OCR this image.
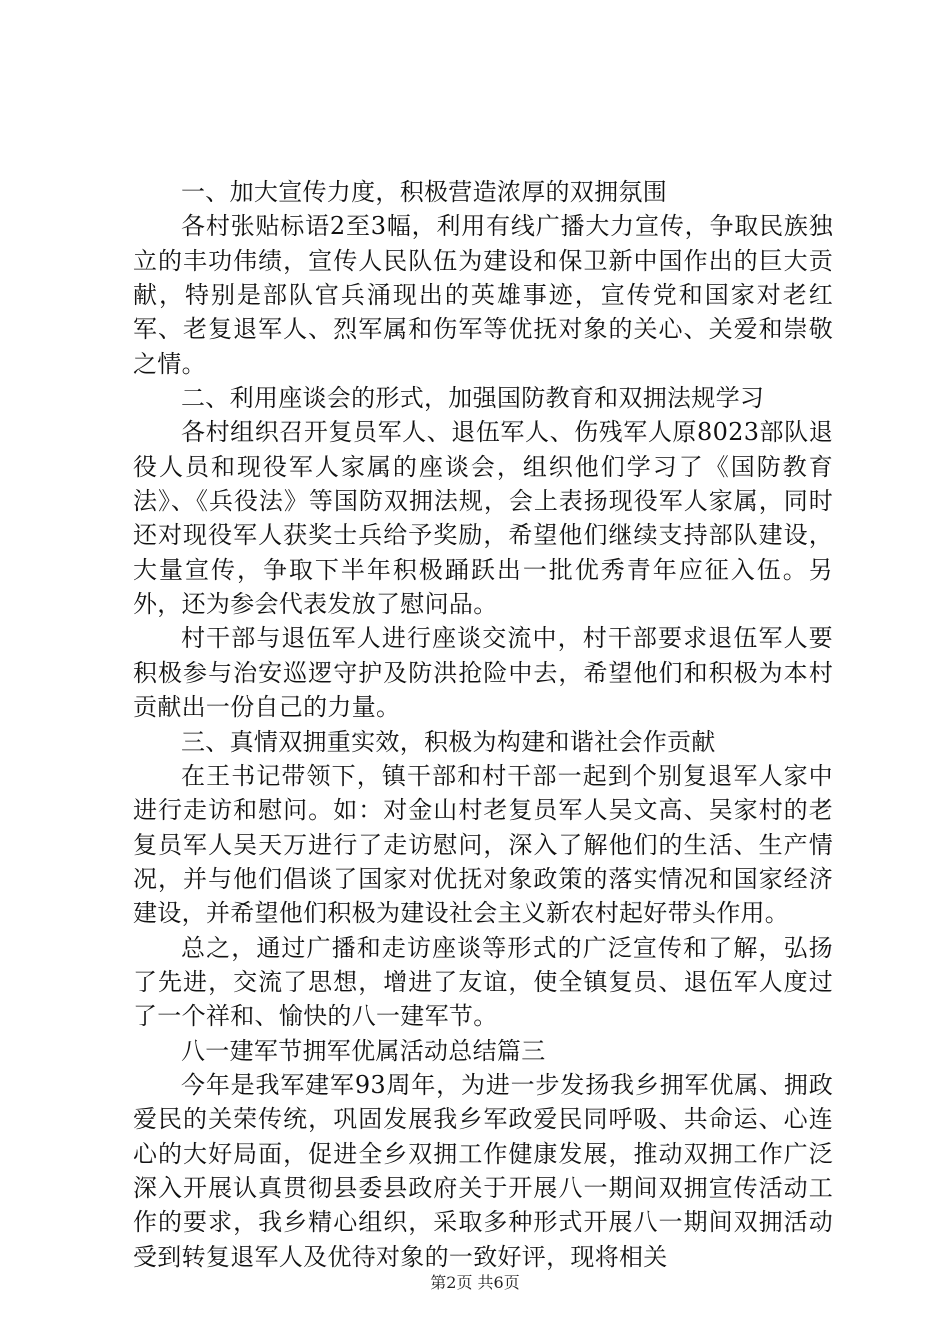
一、加大宣传力度，积极营造浓厚的双拥氛围

各村张贴标语2至3幅，利用有线广播大力宣传，争取民族独立的丰功伟绩，宣传人民队伍为建设和保卫新中国作出的巨大贡献，特别是部队官兵涌现出的英雄事迹，宣传党和国家对老红军、老复退军人、烈军属和伤军等优抚对象的关心、关爱和崇敬之情。

二、利用座谈会的形式，加强国防教育和双拥法规学习

各村组织召开复员军人、退伍军人、伤残军人原8023部队退役人员和现役军人家属的座谈会，组织他们学习了《国防教育法》、《兵役法》等国防双拥法规，会上表扬现役军人家属，同时还对现役军人获奖士兵给予奖励，希望他们继续支持部队建设，大量宣传，争取下半年积极踊跃出一批优秀青年应征入伍。另外，还为参会代表发放了慰问品。

村干部与退伍军人进行座谈交流中，村干部要求退伍军人要积极参与治安巡逻守护及防洪抢险中去，希望他们和积极为本村贡献出一份自己的力量。

三、真情双拥重实效，积极为构建和谐社会作贡献

在王书记带领下，镇干部和村干部一起到个别复退军人家中进行走访和慰问。如：对金山村老复员军人吴文高、吴家村的老复员军人吴天万进行了走访慰问，深入了解他们的生活、生产情况，并与他们倡谈了国家对优抚对象政策的落实情况和国家经济建设，并希望他们积极为建设社会主义新农村起好带头作用。

总之，通过广播和走访座谈等形式的广泛宣传和了解，弘扬了先进，交流了思想，增进了友谊，使全镇复员、退伍军人度过了一个祥和、愉快的八一建军节。

八一建军节拥军优属活动总结篇三

今年是我军建军93周年，为进一步发扬我乡拥军优属、拥政爱民的关荣传统，巩固发展我乡军政爱民同呼吸、共命运、心连心的大好局面，促进全乡双拥工作健康发展，推动双拥工作广泛深入开展认真贯彻县委县政府关于开展八一期间双拥宣传活动工作的要求，我乡精心组织，采取多种形式开展八一期间双拥活动受到转复退军人及优待对象的一致好评，现将相关

第2页 共6页
